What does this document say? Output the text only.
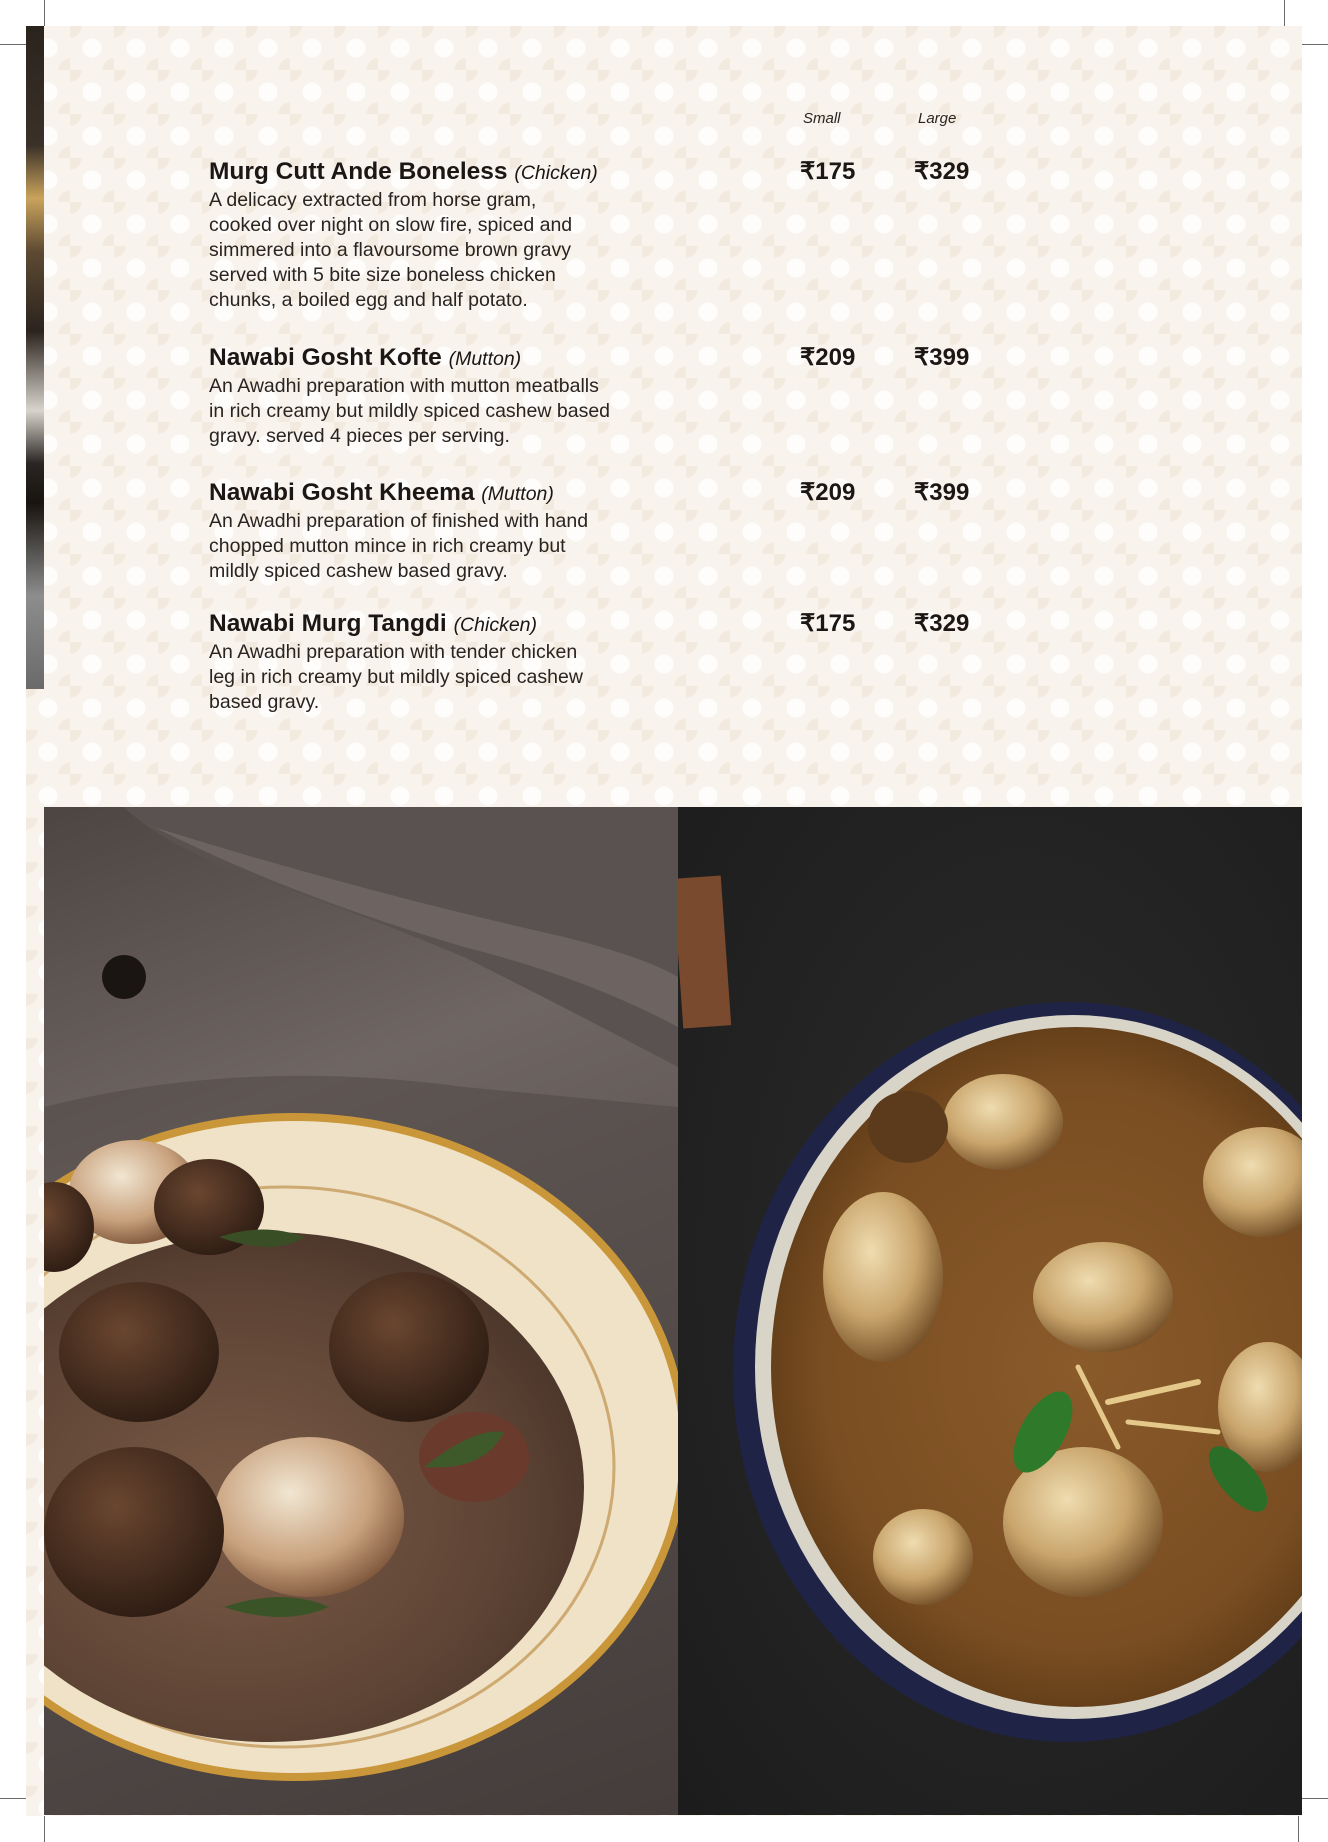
Small	Large
Murg Cutt Ande Boneless (Chicken)
A delicacy extracted from horse gram,
cooked over night on slow fire, spiced and
simmered into a flavoursome brown gravy
served with 5 bite size boneless chicken
chunks, a boiled egg and half potato.
₹175 ₹329
Nawabi Gosht Kofte (Mutton)
An Awadhi preparation with mutton meatballs
in rich creamy but mildly spiced cashew based
gravy. served 4 pieces per serving.
₹209 ₹399
Nawabi Gosht Kheema (Mutton)
An Awadhi preparation of finished with hand
chopped mutton mince in rich creamy but
mildly spiced cashew based gravy.
₹209 ₹399
Nawabi Murg Tangdi (Chicken)
An Awadhi preparation with tender chicken
leg in rich creamy but mildly spiced cashew
based gravy.
₹175 ₹329
